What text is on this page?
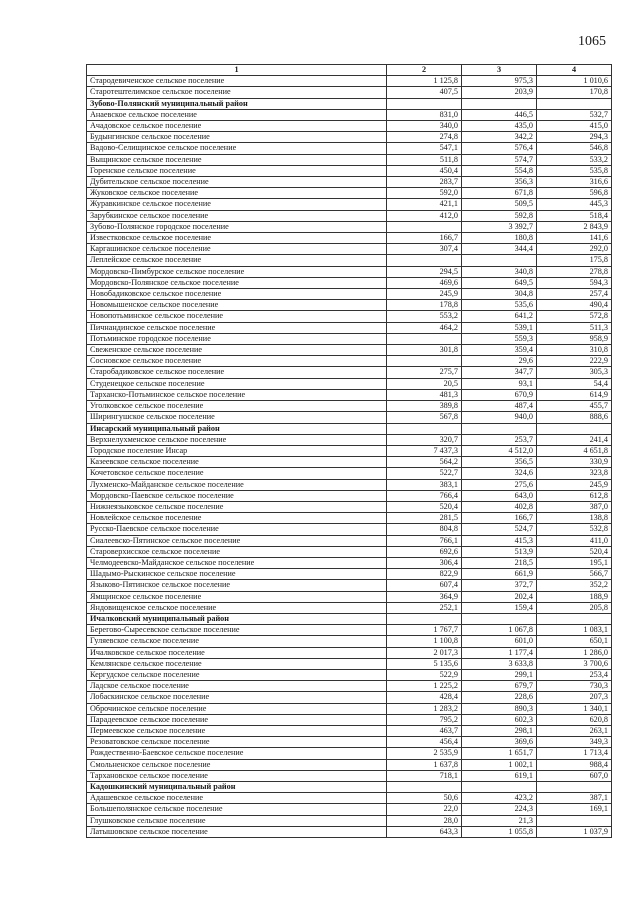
1065
1	2	3	4
Стародевиченское сельское поселение	1 125,8	975,3	1 010,6
Старотештелимское сельское поселение	407,5	203,9	170,8
Зубово-Полянский муниципальный район			
Анаевское сельское поселение	831,0	446,5	532,7
Ачадовское сельское поселение	340,0	435,0	415,0
Будынгинское сельское поселение	274,8	342,2	294,3
Вадово-Селищинское сельское поселение	547,1	576,4	546,8
Выщинское сельское поселение	511,8	574,7	533,2
Горенское сельское поселение	450,4	554,8	535,8
Дубительское сельское поселение	283,7	356,3	316,6
Жуковское сельское поселение	592,0	671,8	596,8
Журавкинское сельское поселение	421,1	509,5	445,3
Зарубкинское сельское поселение	412,0	592,8	518,4
Зубово-Полянское городское поселение		3 392,7	2 843,9
Известковское сельское поселение	166,7	180,8	141,6
Каргашинское сельское поселение	307,4	344,4	292,0
Леплейское сельское поселение			175,8
Мордовско-Пимбурское сельское поселение	294,5	340,8	278,8
Мордовско-Полянское сельское поселение	469,6	649,5	594,3
Новобадиковское сельское поселение	245,9	304,8	257,4
Новомышенское сельское поселение	178,8	535,6	490,4
Новопотьминское сельское поселение	553,2	641,2	572,8
Пичнандинское сельское поселение	464,2	539,1	511,3
Потьминское городское поселение		559,3	958,9
Свеженское сельское поселение	301,8	359,4	310,8
Сосновское сельское поселение		29,6	222,9
Старобадиковское сельское поселение	275,7	347,7	305,3
Студенецкое сельское поселение	20,5	93,1	54,4
Тарханско-Потьминское сельское поселение	481,3	670,9	614,9
Уголковское сельское поселение	389,8	487,4	455,7
Ширингушское сельское поселение	567,8	940,0	888,6
Инсарский муниципальный район			
Верхнелухменское сельское поселение	320,7	253,7	241,4
Городское поселение Инсар	7 437,3	4 512,0	4 651,8
Казеевское сельское поселение	564,2	356,5	330,9
Кочетовское сельское поселение	522,7	324,6	323,8
Лухменско-Майданское сельское поселение	383,1	275,6	245,9
Мордовско-Паевское сельское поселение	766,4	643,0	612,8
Нижнеязыковское сельское поселение	520,4	402,8	387,0
Новлейское сельское поселение	281,5	166,7	138,8
Русско-Паевское сельское поселение	804,8	524,7	532,8
Сиалеевско-Пятинское сельское поселение	766,1	415,3	411,0
Староверхисское сельское поселение	692,6	513,9	520,4
Челмодеевско-Майданское сельское поселение	306,4	218,5	195,1
Шадымо-Рыскинское сельское поселение	822,9	661,9	566,7
Языково-Пятинское сельское поселение	607,4	372,7	352,2
Ямщинское сельское поселение	364,9	202,4	188,9
Яндовищенское сельское поселение	252,1	159,4	205,8
Ичалковский муниципальный район			
Берегово-Сыресевское сельское поселение	1 767,7	1 067,8	1 083,1
Гуляевское сельское поселение	1 100,8	601,0	650,1
Ичалковское сельское поселение	2 017,3	1 177,4	1 286,0
Кемлянское сельское поселение	5 135,6	3 633,8	3 700,6
Кергудское сельское поселение	522,9	299,1	253,4
Ладское сельское поселение	1 225,2	679,7	730,3
Лобаскинское сельское поселение	428,4	228,6	207,3
Оброчинское сельское поселение	1 283,2	890,3	1 340,1
Парадеевское сельское поселение	795,2	602,3	620,8
Пермеевское сельское поселение	463,7	298,1	263,1
Резоватовское сельское поселение	456,4	369,6	349,3
Рождественно-Баевское сельское поселение	2 535,9	1 651,7	1 713,4
Смольненское сельское поселение	1 637,8	1 002,1	988,4
Тархановское сельское поселение	718,1	619,1	607,0
Кадошкинский муниципальный район			
Адашевское сельское поселение	50,6	423,2	387,1
Большеполянское сельское поселение	22,0	224,3	169,1
Глушковское сельское поселение	28,0	21,3	
Латышовское сельское поселение	643,3	1 055,8	1 037,9
